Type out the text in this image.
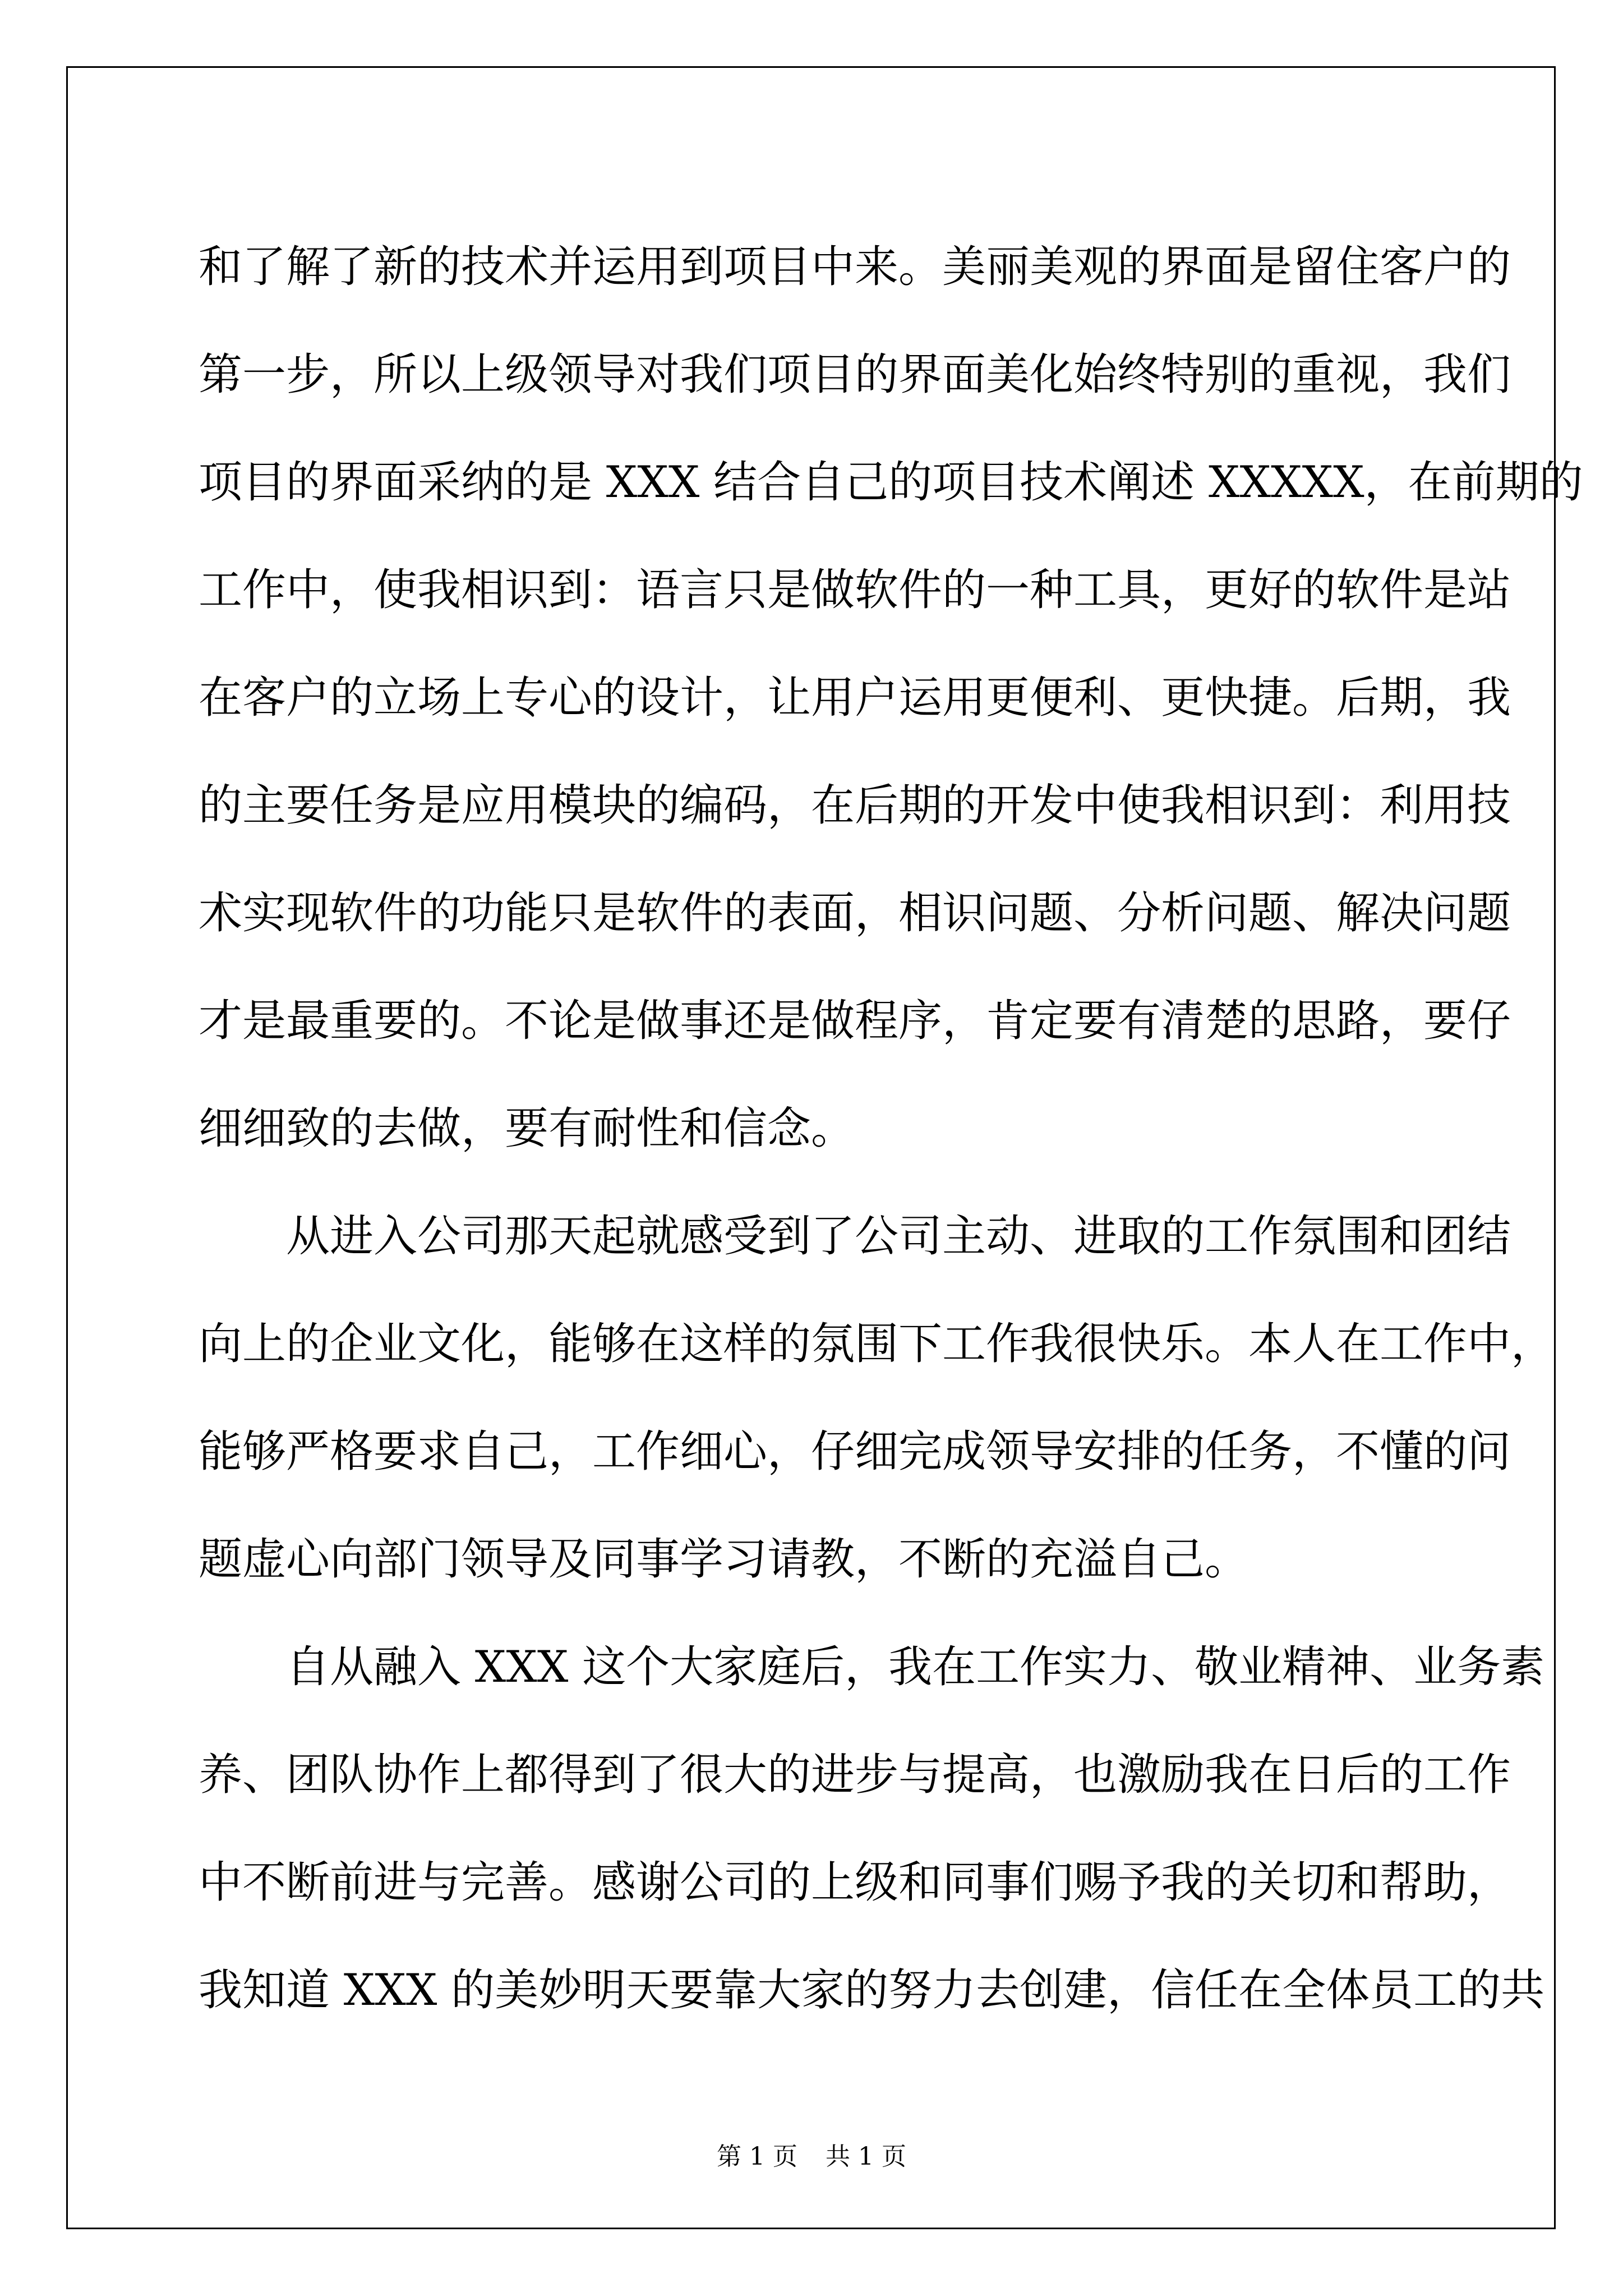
和了解了新的技术并运用到项目中来。美丽美观的界面是留住客户的
第一步，所以上级领导对我们项目的界面美化始终特别的重视，我们
项目的界面采纳的是 XXX 结合自己的项目技术阐述 XXXXX，在前期的
工作中，使我相识到：语言只是做软件的一种工具，更好的软件是站
在客户的立场上专心的设计，让用户运用更便利、更快捷。后期，我
的主要任务是应用模块的编码，在后期的开发中使我相识到：利用技
术实现软件的功能只是软件的表面，相识问题、分析问题、解决问题
才是最重要的。不论是做事还是做程序，肯定要有清楚的思路，要仔
细细致的去做，要有耐性和信念。

　　从进入公司那天起就感受到了公司主动、进取的工作氛围和团结
向上的企业文化，能够在这样的氛围下工作我很快乐。本人在工作中，
能够严格要求自己，工作细心，仔细完成领导安排的任务，不懂的问
题虚心向部门领导及同事学习请教，不断的充溢自己。

　　自从融入 XXX 这个大家庭后，我在工作实力、敬业精神、业务素
养、团队协作上都得到了很大的进步与提高，也激励我在日后的工作
中不断前进与完善。感谢公司的上级和同事们赐予我的关切和帮助，
我知道 XXX 的美妙明天要靠大家的努力去创建，信任在全体员工的共

第 1 页 共 1 页
